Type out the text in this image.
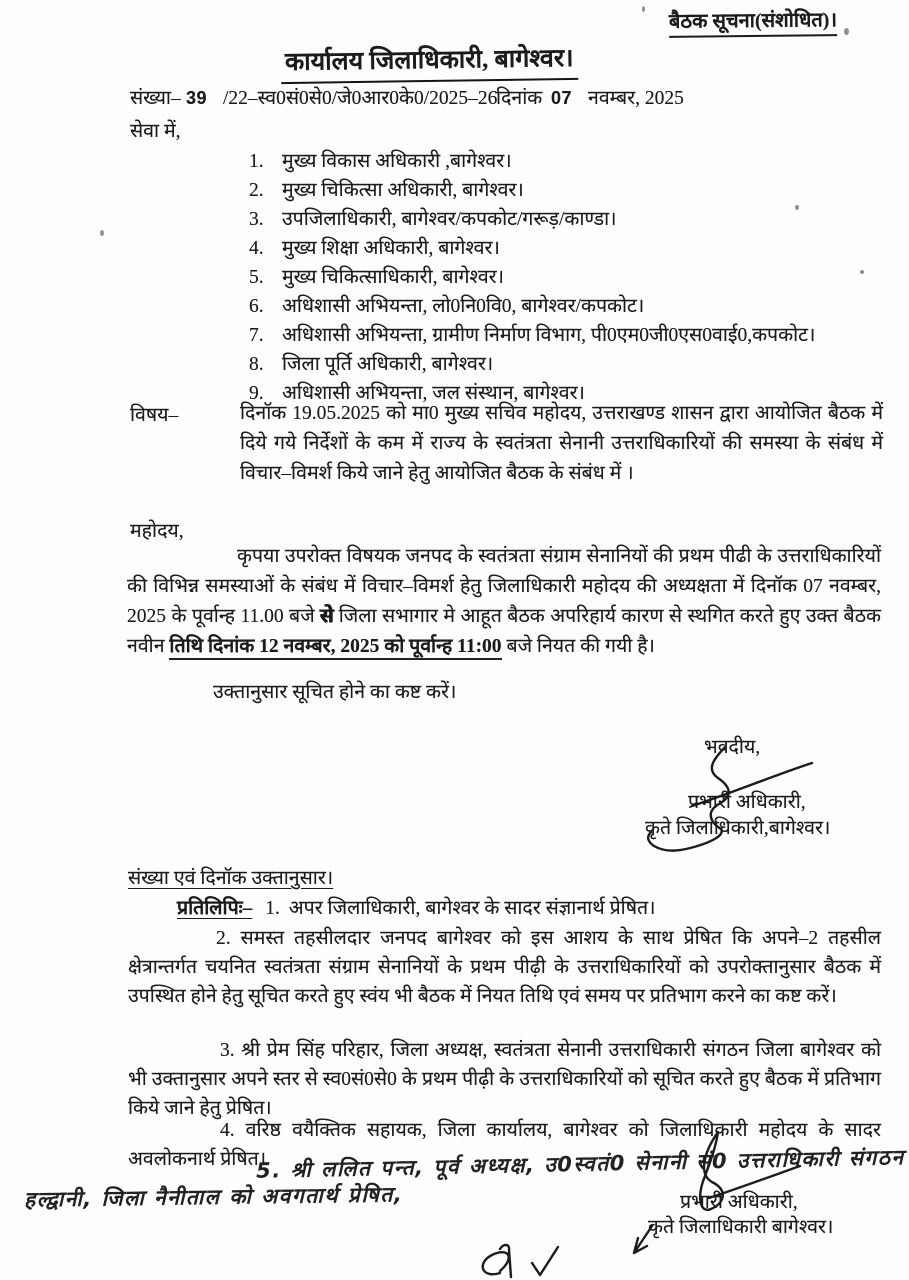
बैठक सूचना(संशोधित)।
कार्यालय जिलाधिकारी, बागेश्वर।
संख्या– 39 /22–स्व0सं0से0/जे0आर0के0/2025–26
दिनांक 07 नवम्बर, 2025
सेवा में,
1. मुख्य विकास अधिकारी ,बागेश्वर।
2. मुख्य चिकित्सा अधिकारी, बागेश्वर।
3. उपजिलाधिकारी, बागेश्वर/कपकोट/गरूड़/काण्डा।
4. मुख्य शिक्षा अधिकारी, बागेश्वर।
5. मुख्य चिकित्साधिकारी, बागेश्वर।
6. अधिशासी अभियन्ता, लो0नि0वि0, बागेश्वर/कपकोट।
7. अधिशासी अभियन्ता, ग्रामीण निर्माण विभाग, पी0एम0जी0एस0वाई0,कपकोट।
8. जिला पूर्ति अधिकारी, बागेश्वर।
9. अधिशासी अभियन्ता, जल संस्थान, बागेश्वर।
विषय–	दिनॉक 19.05.2025 को मा0 मुख्य सचिव महोदय, उत्तराखण्ड शासन द्वारा आयोजित बैठक में दिये गये निर्देशों के कम में राज्य के स्वतंत्रता सेनानी उत्तराधिकारियों की समस्या के संबंध में विचार–विमर्श किये जाने हेतु आयोजित बैठक के संबंध में ।
महोदय,

कृपया उपरोक्त विषयक जनपद के स्वतंत्रता संग्राम सेनानियों की प्रथम पीढी के उत्तराधिकारियों की विभिन्न समस्याओं के संबंध में विचार–विमर्श हेतु जिलाधिकारी महोदय की अध्यक्षता में दिनॉक 07 नवम्बर, 2025 के पूर्वान्ह 11.00 बजे से जिला सभागार मे आहूत बैठक अपरिहार्य कारण से स्थगित करते हुए उक्त बैठक नवीन तिथि दिनांक 12 नवम्बर, 2025 को पूर्वान्ह 11:00 बजे नियत की गयी है।

उक्तानुसार सूचित होने का कष्ट करें।
भवदीय,
प्रभारी अधिकारी,
कृते जिलाधिकारी,बागेश्वर।
संख्या एवं दिनॉक उक्तानुसार।
प्रतिलिपिः– 1. अपर जिलाधिकारी, बागेश्वर के सादर संज्ञानार्थ प्रेषित।
2. समस्त तहसीलदार जनपद बागेश्वर को इस आशय के साथ प्रेषित कि अपने–2 तहसील क्षेत्रान्तर्गत चयनित स्वतंत्रता संग्राम सेनानियों के प्रथम पीढ़ी के उत्तराधिकारियों को उपरोक्तानुसार बैठक में उपस्थित होने हेतु सूचित करते हुए स्वंय भी बैठक में नियत तिथि एवं समय पर प्रतिभाग करने का कष्ट करें।
3. श्री प्रेम सिंह परिहार, जिला अध्यक्ष, स्वतंत्रता सेनानी उत्तराधिकारी संगठन जिला बागेश्वर को भी उक्तानुसार अपने स्तर से स्व0सं0से0 के प्रथम पीढ़ी के उत्तराधिकारियों को सूचित करते हुए बैठक में प्रतिभाग किये जाने हेतु प्रेषित।
4. वरिष्ठ वयैक्तिक सहायक, जिला कार्यालय, बागेश्वर को जिलाधिकारी महोदय के सादर अवलोकनार्थ प्रेषित।
5. श्री ललित पन्त, पूर्व अध्यक्ष, उ0स्वतं0 सेनानी सं0 उत्तराधिकारी संगठन
हल्द्वानी, जिला नैनीताल को अवगतार्थ प्रेषित,	प्रभारी अधिकारी,
कृते जिलाधिकारी बागेश्वर।
